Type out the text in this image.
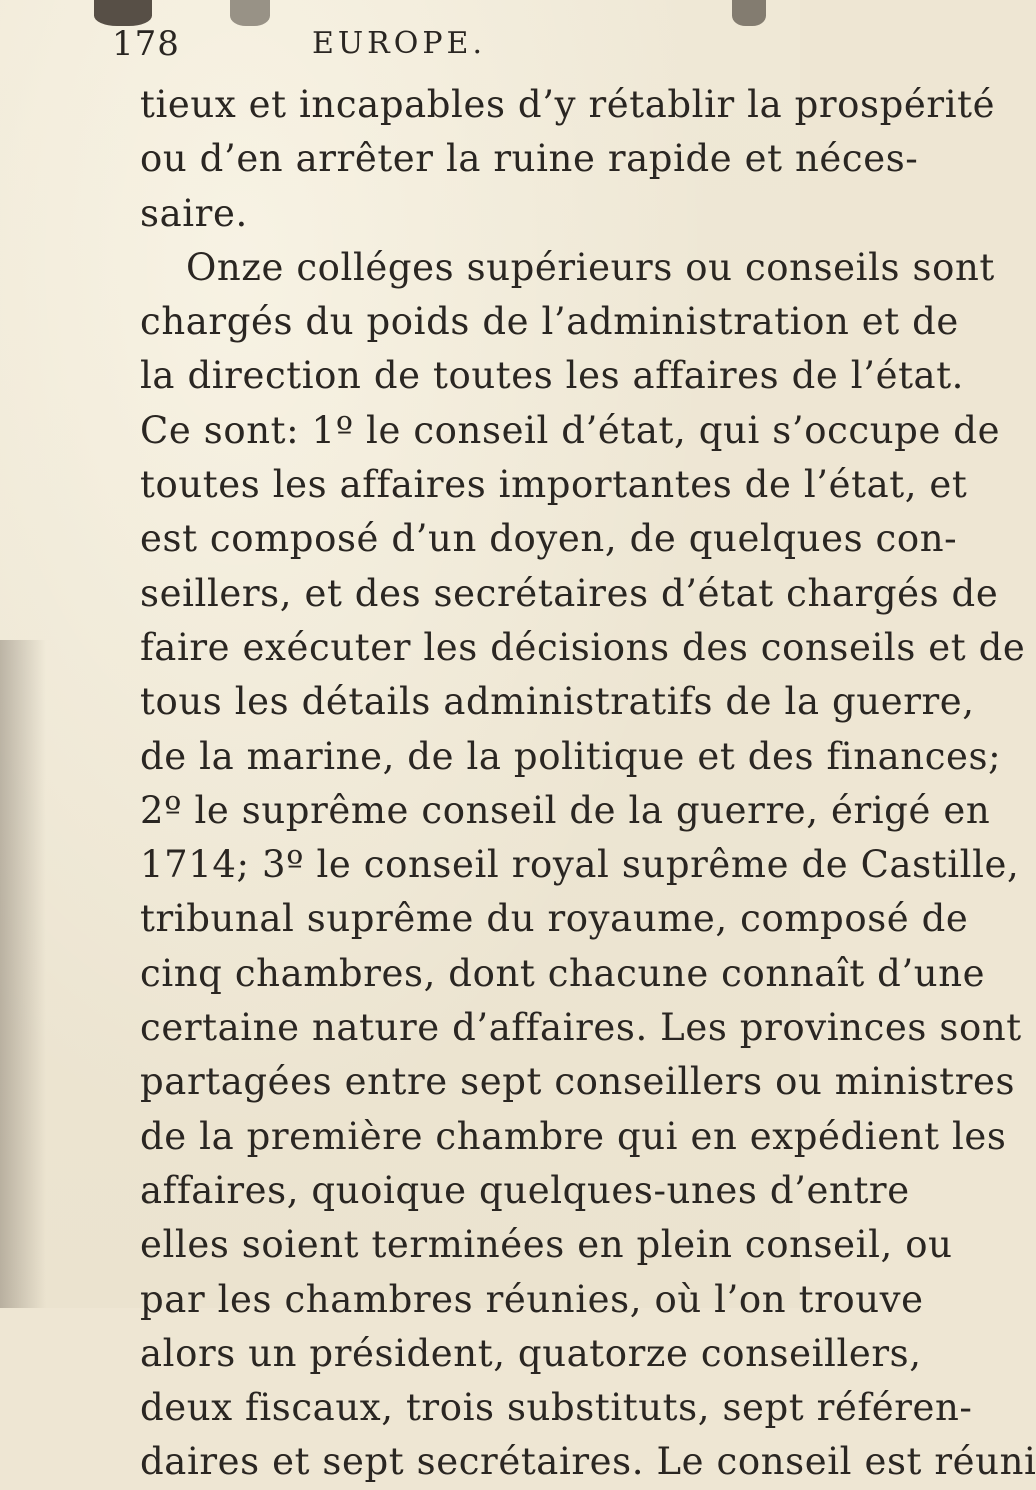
178	EUROPE.
tieux et incapables d’y rétablir la prospérité
ou d’en arrêter la ruine rapide et néces-
saire.
Onze colléges supérieurs ou conseils sont
chargés du poids de l’administration et de
la direction de toutes les affaires de l’état.
Ce sont: 1º le conseil d’état, qui s’occupe de
toutes les affaires importantes de l’état, et
est composé d’un doyen, de quelques con-
seillers, et des secrétaires d’état chargés de
faire exécuter les décisions des conseils et de
tous les détails administratifs de la guerre,
de la marine, de la politique et des finances;
2º le suprême conseil de la guerre, érigé en
1714; 3º le conseil royal suprême de Castille,
tribunal suprême du royaume, composé de
cinq chambres, dont chacune connaît d’une
certaine nature d’affaires. Les provinces sont
partagées entre sept conseillers ou ministres
de la première chambre qui en expédient les
affaires, quoique quelques-unes d’entre
elles soient terminées en plein conseil, ou
par les chambres réunies, où l’on trouve
alors un président, quatorze conseillers,
deux fiscaux, trois substituts, sept référen-
daires et sept secrétaires. Le conseil est réuni
